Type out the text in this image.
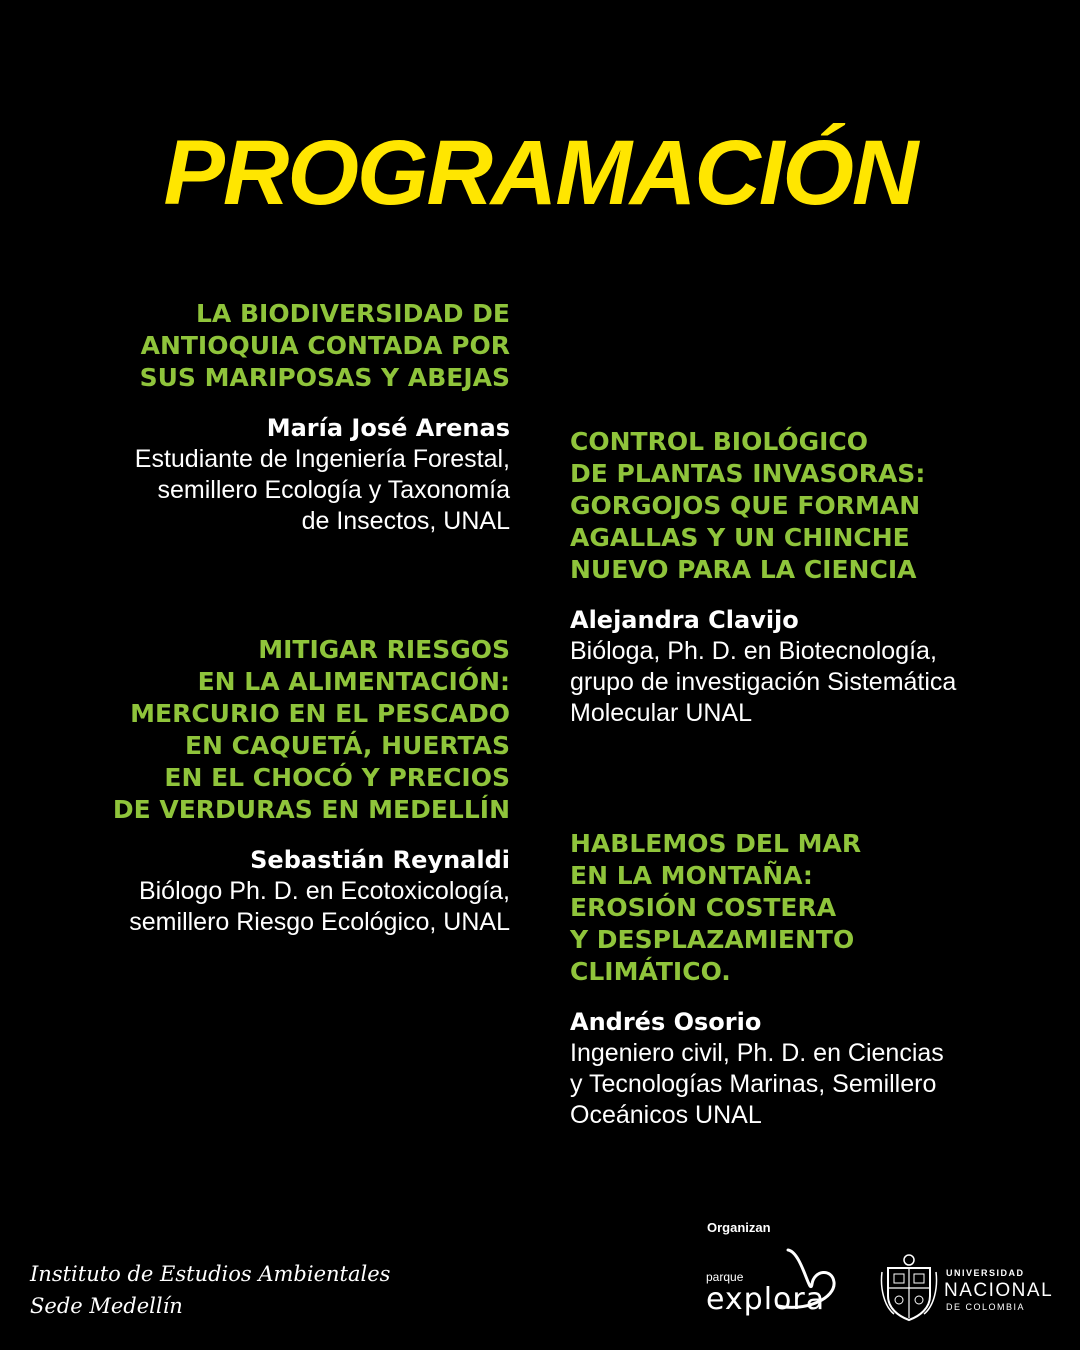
PROGRAMACIÓN
LA BIODIVERSIDAD DE
ANTIOQUIA CONTADA POR
SUS MARIPOSAS Y ABEJAS
María José Arenas
Estudiante de Ingeniería Forestal,
semillero Ecología y Taxonomía
de Insectos, UNAL
MITIGAR RIESGOS
EN LA ALIMENTACIÓN:
MERCURIO EN EL PESCADO
EN CAQUETÁ, HUERTAS
EN EL CHOCÓ Y PRECIOS
DE VERDURAS EN MEDELLÍN
Sebastián Reynaldi
Biólogo Ph. D. en Ecotoxicología,
semillero Riesgo Ecológico, UNAL
CONTROL BIOLÓGICO
DE PLANTAS INVASORAS:
GORGOJOS QUE FORMAN
AGALLAS Y UN CHINCHE
NUEVO PARA LA CIENCIA
Alejandra Clavijo
Bióloga, Ph. D. en Biotecnología,
grupo de investigación Sistemática
Molecular UNAL
HABLEMOS DEL MAR
EN LA MONTAÑA:
EROSIÓN COSTERA
Y DESPLAZAMIENTO
CLIMÁTICO.
Andrés Osorio
Ingeniero civil, Ph. D. en Ciencias
y Tecnologías Marinas, Semillero
Oceánicos UNAL
Instituto de Estudios Ambientales
Sede Medellín
Organizan
parque
explora
UNIVERSIDAD
NACIONAL
DE COLOMBIA
